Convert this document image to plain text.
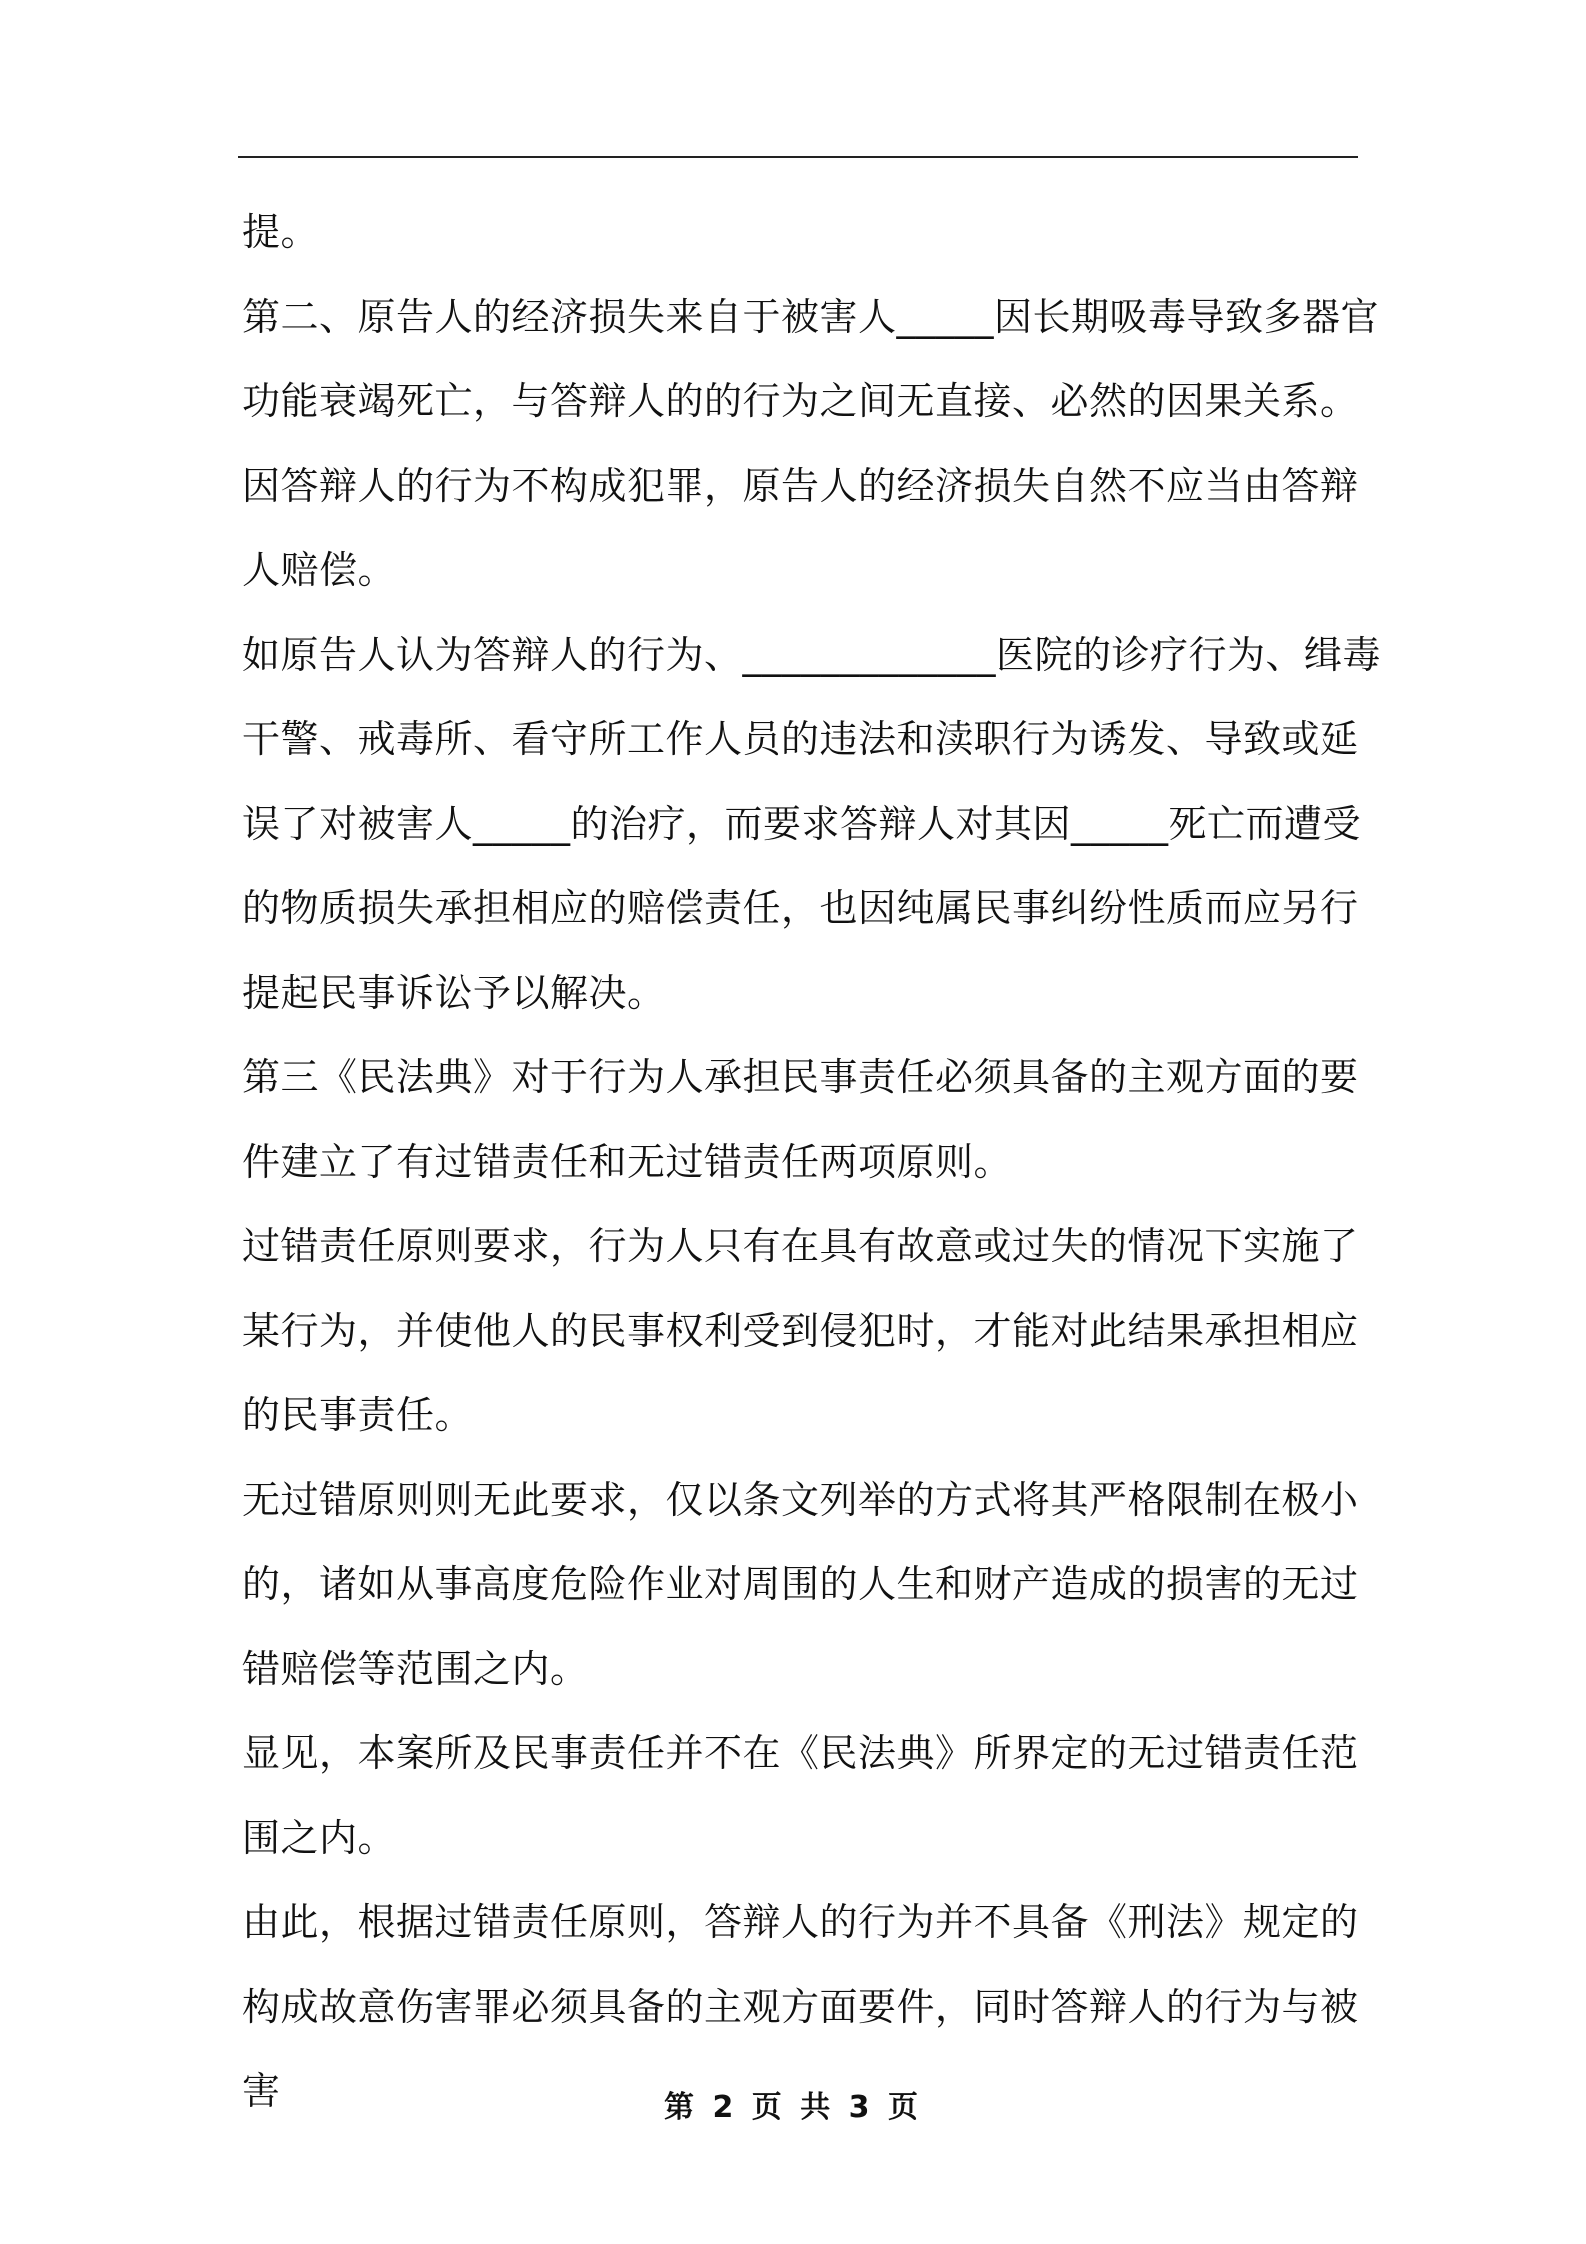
提。

第二、原告人的经济损失来自于被害人_____因长期吸毒导致多器官功能衰竭死亡，与答辩人的的行为之间无直接、必然的因果关系。

因答辩人的行为不构成犯罪，原告人的经济损失自然不应当由答辩人赔偿。

如原告人认为答辩人的行为、_____________医院的诊疗行为、缉毒干警、戒毒所、看守所工作人员的违法和渎职行为诱发、导致或延误了对被害人_____的治疗，而要求答辩人对其因_____死亡而遭受的物质损失承担相应的赔偿责任，也因纯属民事纠纷性质而应另行提起民事诉讼予以解决。

第三《民法典》对于行为人承担民事责任必须具备的主观方面的要件建立了有过错责任和无过错责任两项原则。

过错责任原则要求，行为人只有在具有故意或过失的情况下实施了某行为，并使他人的民事权利受到侵犯时，才能对此结果承担相应的民事责任。

无过错原则则无此要求，仅以条文列举的方式将其严格限制在极小的，诸如从事高度危险作业对周围的人生和财产造成的损害的无过错赔偿等范围之内。

显见，本案所及民事责任并不在《民法典》所界定的无过错责任范围之内。

由此，根据过错责任原则，答辩人的行为并不具备《刑法》规定的构成故意伤害罪必须具备的主观方面要件，同时答辩人的行为与被害	第 2 页 共 3 页
